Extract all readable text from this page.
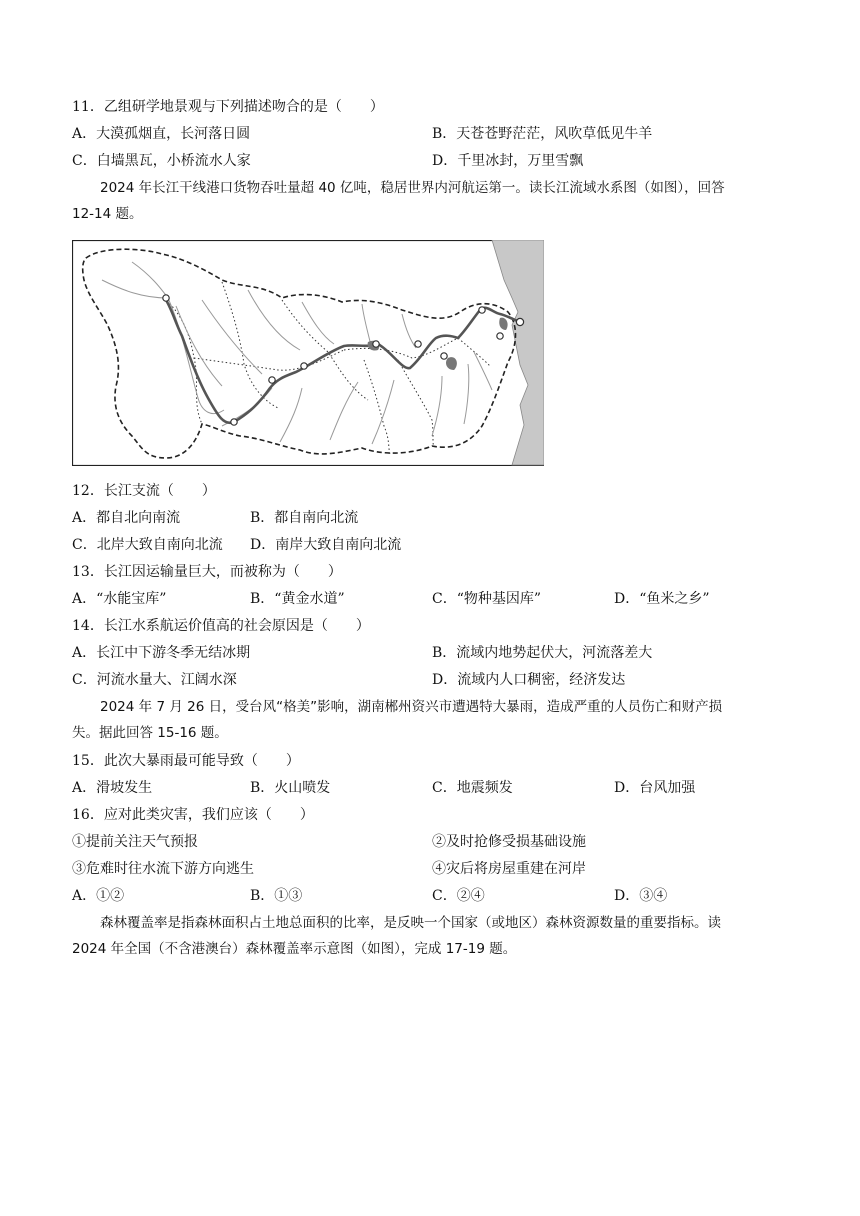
11．乙组研学地景观与下列描述吻合的是（　　）
A．大漠孤烟直，长河落日圆	B．天苍苍野茫茫，风吹草低见牛羊
C．白墙黑瓦，小桥流水人家	D．千里冰封，万里雪飘
2024 年长江干线港口货物吞吐量超 40 亿吨，稳居世界内河航运第一。读长江流域水系图（如图），回答
12-14 题。
12．长江支流（　　）
A．都自北向南流	B．都自南向北流
C．北岸大致自南向北流 D．南岸大致自南向北流
13．长江因运输量巨大，而被称为（　　）
A．“水能宝库”	B．“黄金水道”	C．“物种基因库”	D．“鱼米之乡”
14．长江水系航运价值高的社会原因是（　　）
A．长江中下游冬季无结冰期	B．流域内地势起伏大，河流落差大
C．河流水量大、江阔水深	D．流域内人口稠密，经济发达
2024 年 7 月 26 日，受台风“格美”影响，湖南郴州资兴市遭遇特大暴雨，造成严重的人员伤亡和财产损
失。据此回答 15-16 题。
15．此次大暴雨最可能导致（　　）
A．滑坡发生	B．火山喷发	C．地震频发	D．台风加强
16．应对此类灾害，我们应该（　　）
①提前关注天气预报	②及时抢修受损基础设施
③危难时往水流下游方向逃生	④灾后将房屋重建在河岸
A．①②	B．①③	C．②④	D．③④
森林覆盖率是指森林面积占土地总面积的比率，是反映一个国家（或地区）森林资源数量的重要指标。读
2024 年全国（不含港澳台）森林覆盖率示意图（如图），完成 17-19 题。
